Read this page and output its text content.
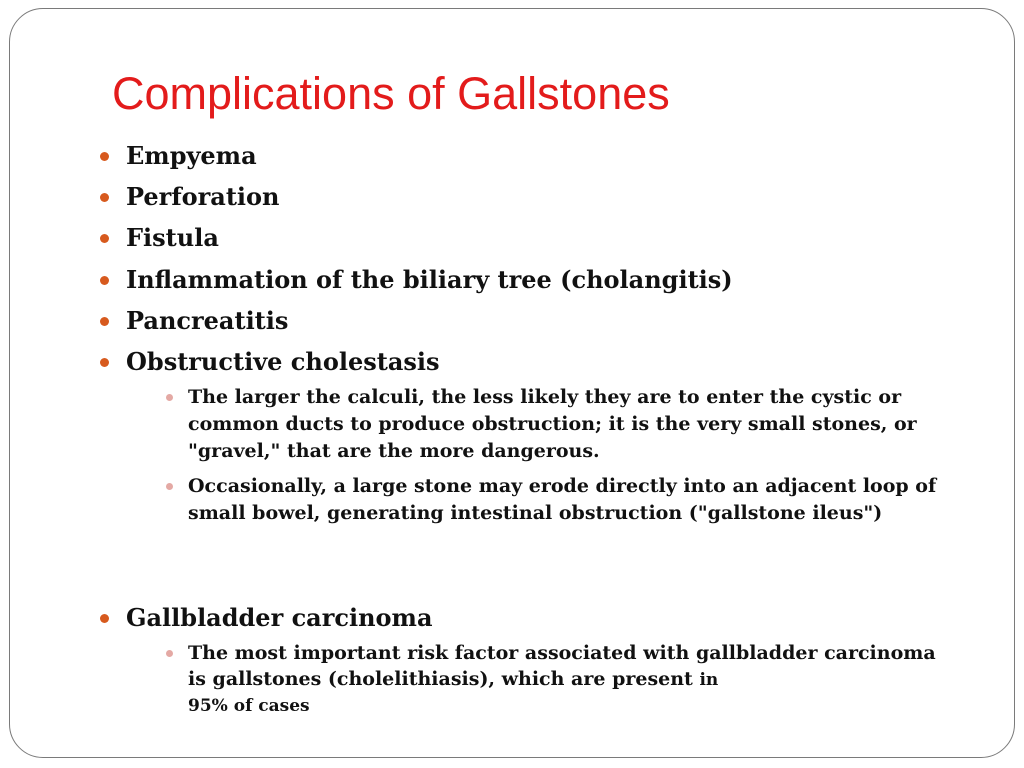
Complications of Gallstones
Empyema
Perforation
Fistula
Inflammation of the biliary tree (cholangitis)
Pancreatitis
Obstructive cholestasis
The larger the calculi, the less likely they are to enter the cystic or common ducts to produce obstruction; it is the very small stones, or "gravel," that are the more dangerous.
Occasionally, a large stone may erode directly into an adjacent loop of small bowel, generating intestinal obstruction ("gallstone ileus")
Gallbladder carcinoma
The most important risk factor associated with gallbladder carcinoma is gallstones (cholelithiasis), which are present in
95% of cases
